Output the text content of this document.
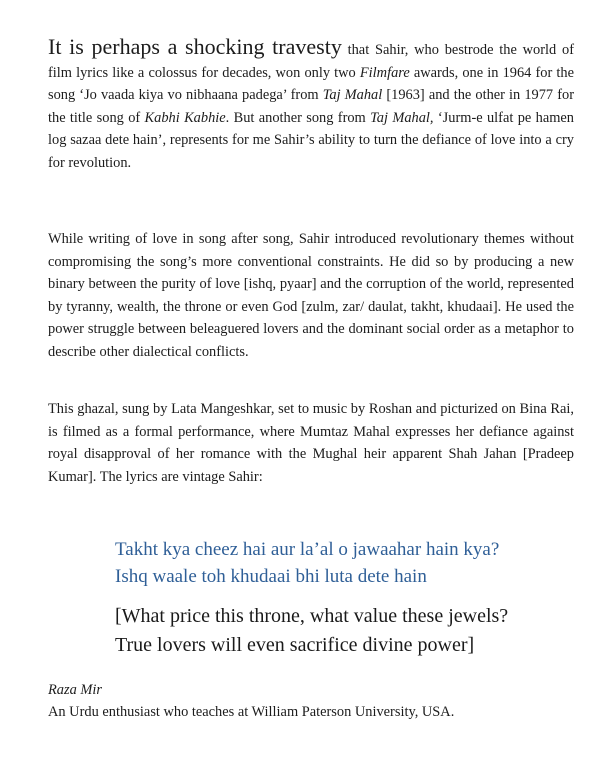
It is perhaps a shocking travesty that Sahir, who bestrode the world of film lyrics like a colossus for decades, won only two Filmfare awards, one in 1964 for the song ‘Jo vaada kiya vo nibhaana padega’ from Taj Mahal [1963] and the other in 1977 for the title song of Kabhi Kabhie. But another song from Taj Mahal, ‘Jurm-e ulfat pe hamen log sazaa dete hain’, represents for me Sahir’s ability to turn the defiance of love into a cry for revolution.

While writing of love in song after song, Sahir introduced revolutionary themes without compromising the song’s more conventional constraints. He did so by producing a new binary between the purity of love [ishq, pyaar] and the corruption of the world, represented by tyranny, wealth, the throne or even God [zulm, zar/ daulat, takht, khudaai]. He used the power struggle between beleaguered lovers and the dominant social order as a metaphor to describe other dialectical conflicts.

This ghazal, sung by Lata Mangeshkar, set to music by Roshan and picturized on Bina Rai, is filmed as a formal performance, where Mumtaz Mahal expresses her defiance against royal disapproval of her romance with the Mughal heir apparent Shah Jahan [Pradeep Kumar]. The lyrics are vintage Sahir:

Takht kya cheez hai aur la’al o jawaahar hain kya?
Ishq waale toh khudaai bhi luta dete hain
[What price this throne, what value these jewels?
True lovers will even sacrifice divine power]
Raza Mir
An Urdu enthusiast who teaches at William Paterson University, USA.
